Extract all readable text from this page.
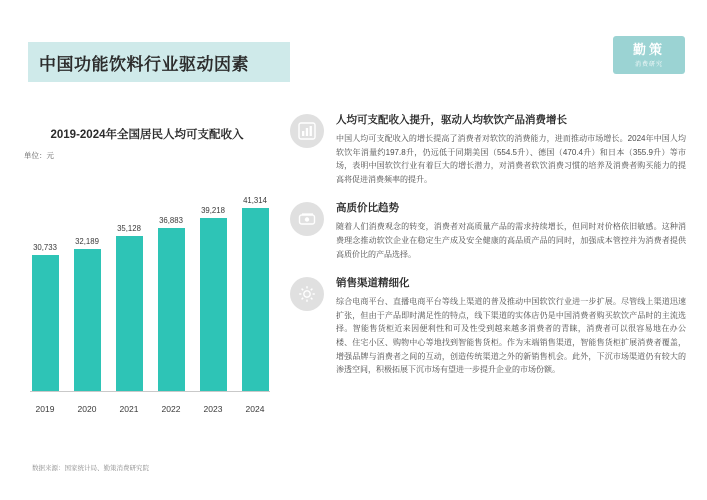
中国功能饮料行业驱动因素
勤策
消费研究
2019-2024年全国居民人均可支配收入
单位：元
30,733
32,189
35,128
36,883
39,218
41,314
2019	2020	2021	2022	2023	2024
数据来源：国家统计局、勤策消费研究院
人均可支配收入提升，驱动人均软饮产品消费增长
中国人均可支配收入的增长提高了消费者对软饮的消费能力，进而推动市场增长。2024年中国人均软饮年消量约197.8升，仍远低于同期美国（554.5升）、德国（470.4升）和日本（355.9升）等市场，表明中国软饮行业有着巨大的增长潜力，对消费者软饮消费习惯的培养及消费者购买能力的提高将促进消费频率的提升。
高质价比趋势
随着人们消费观念的转变，消费者对高质量产品的需求持续增长，但同时对价格依旧敏感。这种消费理念推动软饮企业在稳定生产成及安全健康的高品质产品的同时，加强成本管控并为消费者提供高质价比的产品选择。
销售渠道精细化
综合电商平台、直播电商平台等线上渠道的普及推动中国软饮行业进一步扩展。尽管线上渠道迅速扩张，但由于产品即时满足性的特点，线下渠道的实体店仍是中国消费者购买软饮产品时的主流选择。智能售货柜近来因便利性和可及性受到越来越多消费者的青睐，消费者可以很容易地在办公楼、住宅小区、购物中心等地找到智能售货柜。作为末端销售渠道，智能售货柜扩展消费者覆盖，增强品牌与消费者之间的互动，创造传统渠道之外的新销售机会。此外，下沉市场渠道仍有较大的渗透空间，积极拓展下沉市场有望进一步提升企业的市场份额。
